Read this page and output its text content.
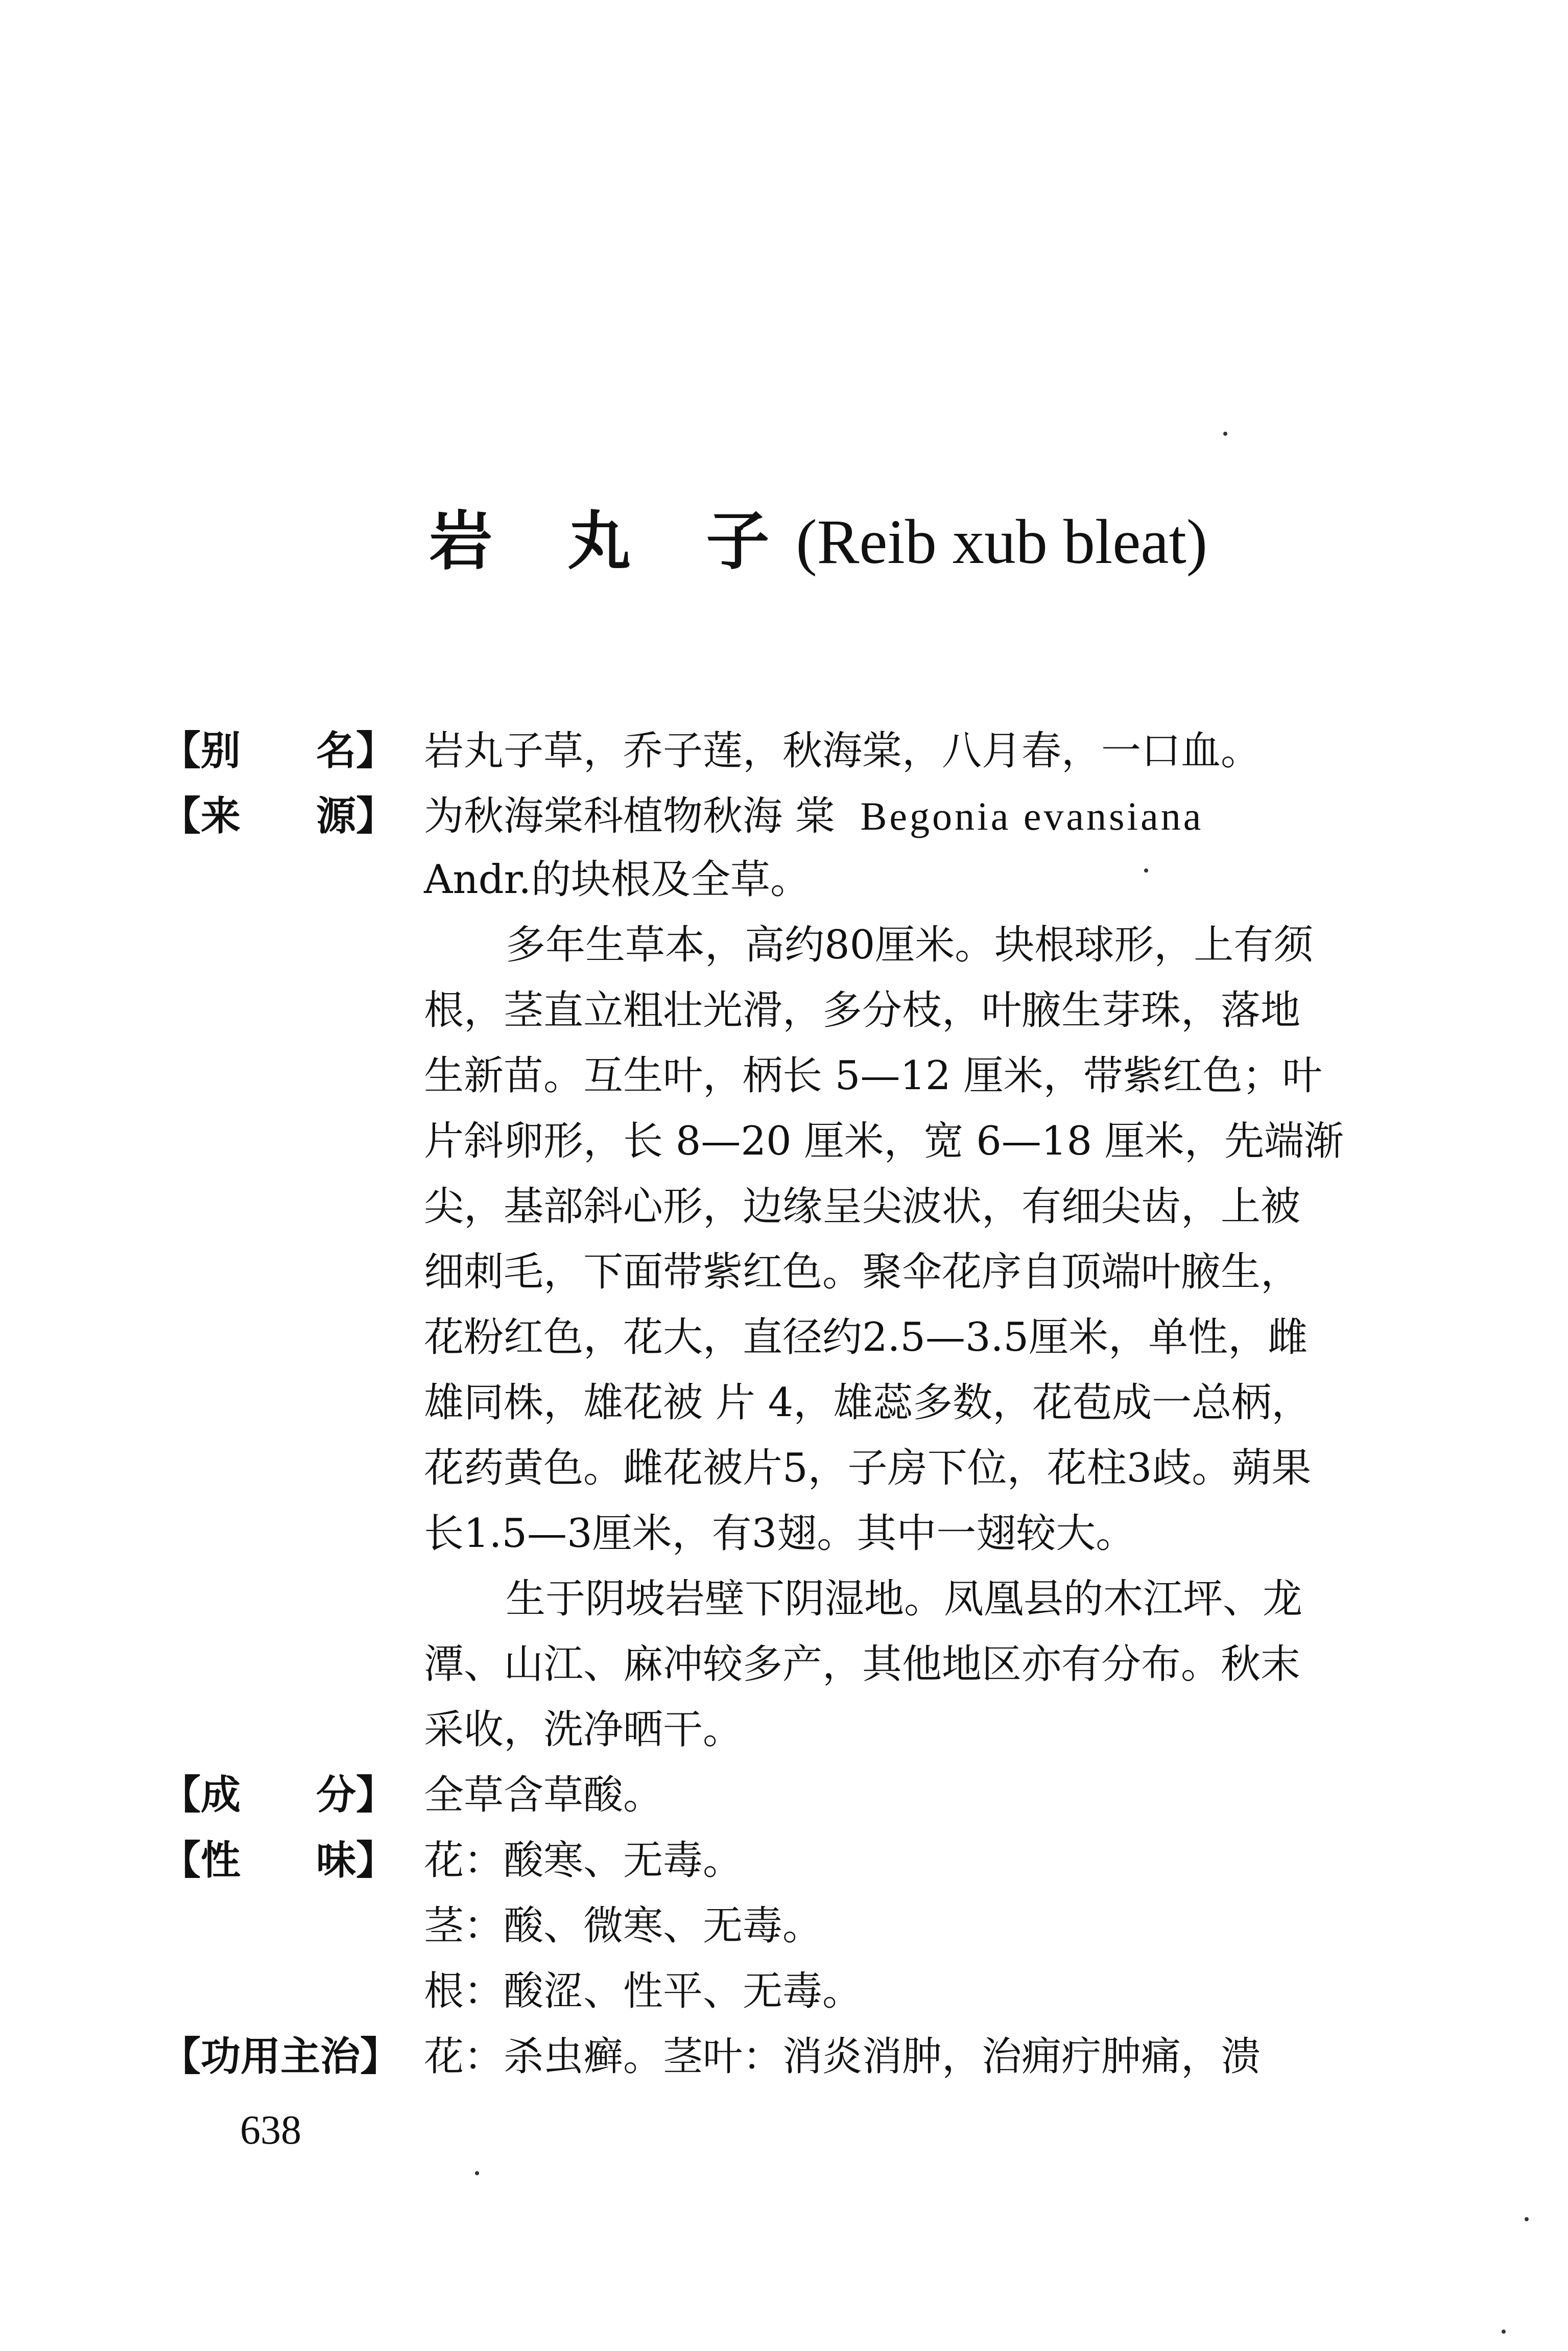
岩 丸 子(Reib xub bleat)
【别 名】 岩丸子草，乔子莲，秋海棠，八月春，一口血。
【来 源】 为秋海棠科植物秋海 棠 Begonia evansiana
Andr.的块根及全草。
多年生草本，高约80厘米。块根球形，上有须
根，茎直立粗壮光滑，多分枝，叶腋生芽珠，落地
生新苗。互生叶，柄长 5—12 厘米，带紫红色；叶
片斜卵形，长 8—20 厘米，宽 6—18 厘米，先端渐
尖，基部斜心形，边缘呈尖波状，有细尖齿，上被
细刺毛，下面带紫红色。聚伞花序自顶端叶腋生，
花粉红色，花大，直径约2.5—3.5厘米，单性，雌
雄同株，雄花被 片 4，雄蕊多数，花苞成一总柄，
花药黄色。雌花被片5，子房下位，花柱3歧。蒴果
长1.5—3厘米，有3翅。其中一翅较大。
生于阴坡岩壁下阴湿地。凤凰县的木江坪、龙
潭、山江、麻冲较多产，其他地区亦有分布。秋末
采收，洗净晒干。
【成 分】 全草含草酸。
【性 味】 花：酸寒、无毒。
茎：酸、微寒、无毒。
根：酸涩、性平、无毒。
【功用主治】 花：杀虫癣。茎叶：消炎消肿，治痈疔肿痛，溃
638
